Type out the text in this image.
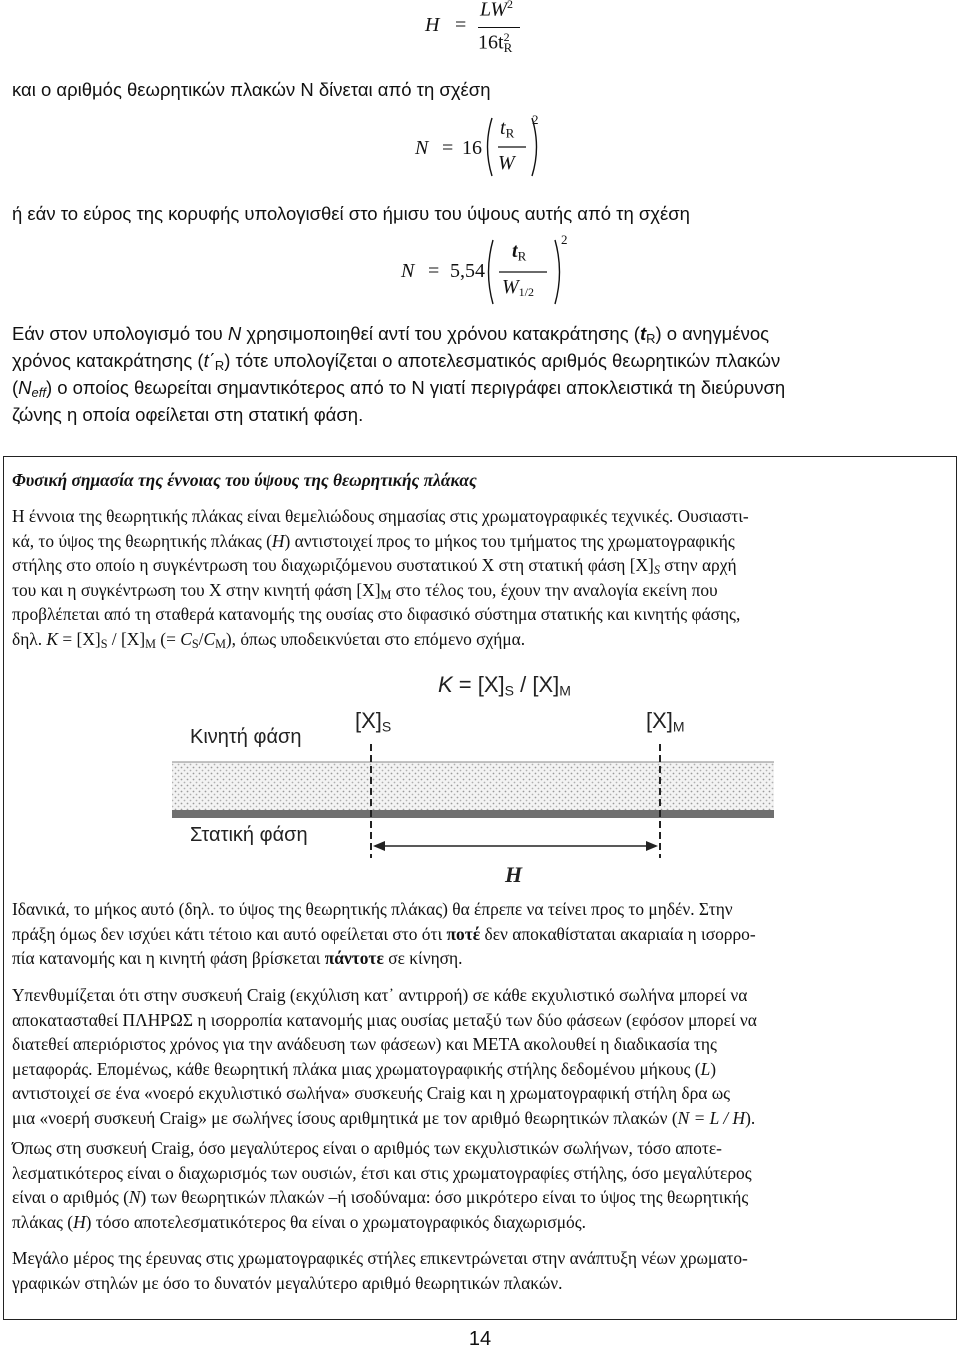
H =
$LW^2$
$16t^2_R$
και ο αριθμός θεωρητικών πλακών N δίνεται από τη σχέση
N = 16
$t_R$
W
2
ή εάν το εύρος της κορυφής υπολογισθεί στο ήμισυ του ύψους αυτής από τη σχέση
N = 5,54
$t_R$
$W_{1/2}$
2
Εάν στον υπολογισμό του N χρησιμοποιηθεί αντί του χρόνου κατακράτησης $(t_R)$ ο ανηγμένος
χρόνος κατακράτησης $(t΄_R)$ τότε υπολογίζεται ο αποτελεσματικός αριθμός θεωρητικών πλακών
$(N_{eff})$ ο οποίος θεωρείται σημαντικότερος από το N γιατί περιγράφει αποκλειστικά τη διεύρυνση
ζώνης η οποία οφείλεται στη στατική φάση.
Φυσική σημασία της έννοιας του ύψους της θεωρητικής πλάκας
Η έννοια της θεωρητικής πλάκας είναι θεμελιώδους σημασίας στις χρωματογραφικές τεχνικές. Ουσιαστι-
κά, το ύψος της θεωρητικής πλάκας (H) αντιστοιχεί προς το μήκος του τμήματος της χρωματογραφικής
στήλης στο οποίο η συγκέντρωση του διαχωριζόμενου συστατικού X στη στατική φάση $[X]_S$ στην αρχή
του και η συγκέντρωση του X στην κινητή φάση $[X]_M$ στο τέλος του, έχουν την αναλογία εκείνη που
προβλέπεται από τη σταθερά κατανομής της ουσίας στο διφασικό σύστημα στατικής και κινητής φάσης,
δηλ. $K = [X]_S / [X]_M$ (= $C_S/C_M$), όπως υποδεικνύεται στο επόμενο σχήμα.
$K = [X]_S / [X]_M$
$[X]_S$	$[X]_M$
Κινητή φάση
Στατική φάση
H
Ιδανικά, το μήκος αυτό (δηλ. το ύψος της θεωρητικής πλάκας) θα έπρεπε να τείνει προς το μηδέν. Στην
πράξη όμως δεν ισχύει κάτι τέτοιο και αυτό οφείλεται στο ότι ποτέ δεν αποκαθίσταται ακαριαία η ισορρο-
πία κατανομής και η κινητή φάση βρίσκεται πάντοτε σε κίνηση.
Υπενθυμίζεται ότι στην συσκευή Craig (εκχύλιση κατ᾽ αντιρροή) σε κάθε εκχυλιστικό σωλήνα μπορεί να
αποκατασταθεί ΠΛΗΡΩΣ η ισορροπία κατανομής μιας ουσίας μεταξύ των δύο φάσεων (εφόσον μπορεί να
διατεθεί απεριόριστος χρόνος για την ανάδευση των φάσεων) και ΜΕΤΑ ακολουθεί η διαδικασία της
μεταφοράς. Επομένως, κάθε θεωρητική πλάκα μιας χρωματογραφικής στήλης δεδομένου μήκους (L)
αντιστοιχεί σε ένα «νοερό εκχυλιστικό σωλήνα» συσκευής Craig και η χρωματογραφική στήλη δρα ως
μια «νοερή συσκευή Craig» με σωλήνες ίσους αριθμητικά με τον αριθμό θεωρητικών πλακών (N = L / H).
Όπως στη συσκευή Craig, όσο μεγαλύτερος είναι ο αριθμός των εκχυλιστικών σωλήνων, τόσο αποτε-
λεσματικότερος είναι ο διαχωρισμός των ουσιών, έτσι και στις χρωματογραφίες στήλης, όσο μεγαλύτερος
είναι ο αριθμός (N) των θεωρητικών πλακών –ή ισοδύναμα: όσο μικρότερο είναι το ύψος της θεωρητικής
πλάκας (H) τόσο αποτελεσματικότερος θα είναι ο χρωματογραφικός διαχωρισμός.
Μεγάλο μέρος της έρευνας στις χρωματογραφικές στήλες επικεντρώνεται στην ανάπτυξη νέων χρωματο-
γραφικών στηλών με όσο το δυνατόν μεγαλύτερο αριθμό θεωρητικών πλακών.
14
